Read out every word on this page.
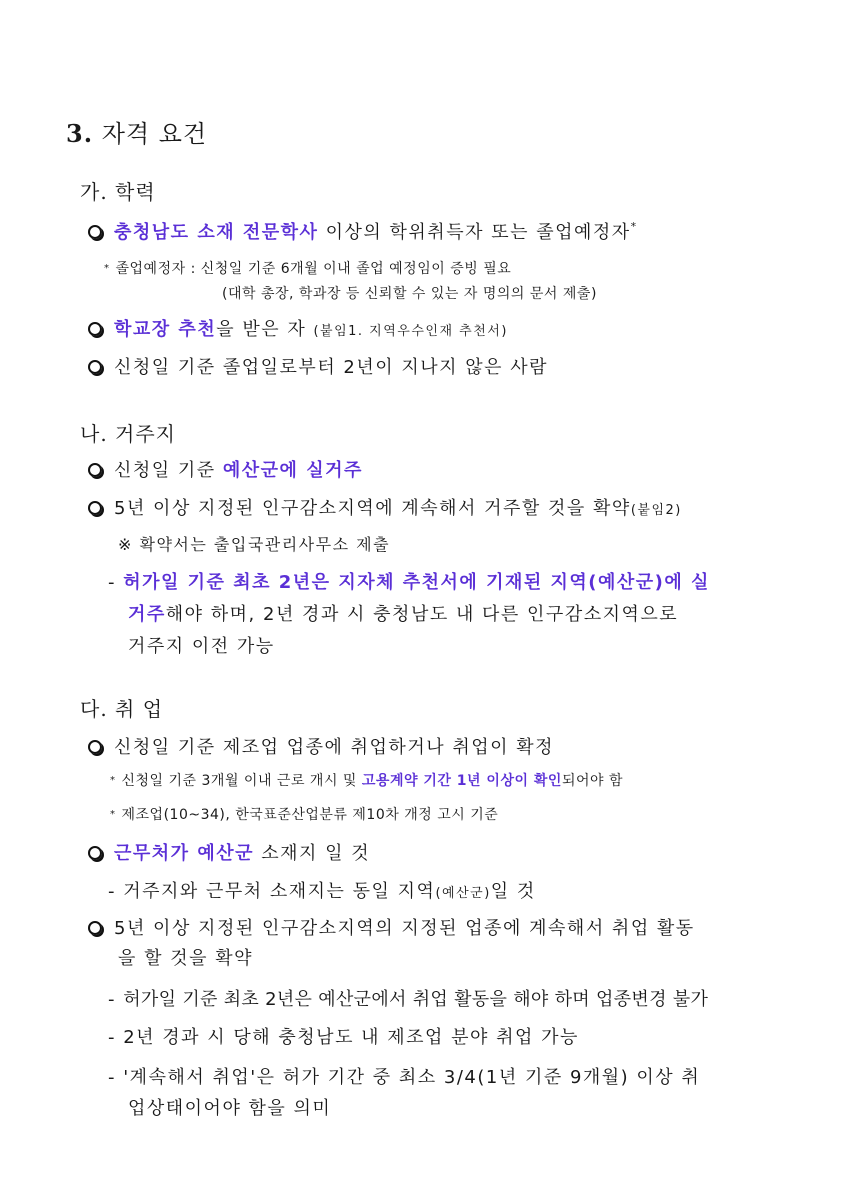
3. 자격 요건
가. 학력
충청남도 소재 전문학사 이상의 학위취득자 또는 졸업예정자*
* 졸업예정자 : 신청일 기준 6개월 이내 졸업 예정임이 증빙 필요
(대학 총장, 학과장 등 신뢰할 수 있는 자 명의의 문서 제출)
학교장 추천을 받은 자 (붙임1. 지역우수인재 추천서)
신청일 기준 졸업일로부터 2년이 지나지 않은 사람
나. 거주지
신청일 기준 예산군에 실거주
5년 이상 지정된 인구감소지역에 계속해서 거주할 것을 확약(붙임2)
※ 확약서는 출입국관리사무소 제출
- 허가일 기준 최초 2년은 지자체 추천서에 기재된 지역(예산군)에 실
거주해야 하며, 2년 경과 시 충청남도 내 다른 인구감소지역으로
거주지 이전 가능
다. 취 업
신청일 기준 제조업 업종에 취업하거나 취업이 확정
* 신청일 기준 3개월 이내 근로 개시 및 고용계약 기간 1년 이상이 확인되어야 함
* 제조업(10~34), 한국표준산업분류 제10차 개정 고시 기준
근무처가 예산군 소재지 일 것
- 거주지와 근무처 소재지는 동일 지역(예산군)일 것
5년 이상 지정된 인구감소지역의 지정된 업종에 계속해서 취업 활동
을 할 것을 확약
- 허가일 기준 최초 2년은 예산군에서 취업 활동을 해야 하며 업종변경 불가
- 2년 경과 시 당해 충청남도 내 제조업 분야 취업 가능
- '계속해서 취업'은 허가 기간 중 최소 3/4(1년 기준 9개월) 이상 취
업상태이어야 함을 의미
